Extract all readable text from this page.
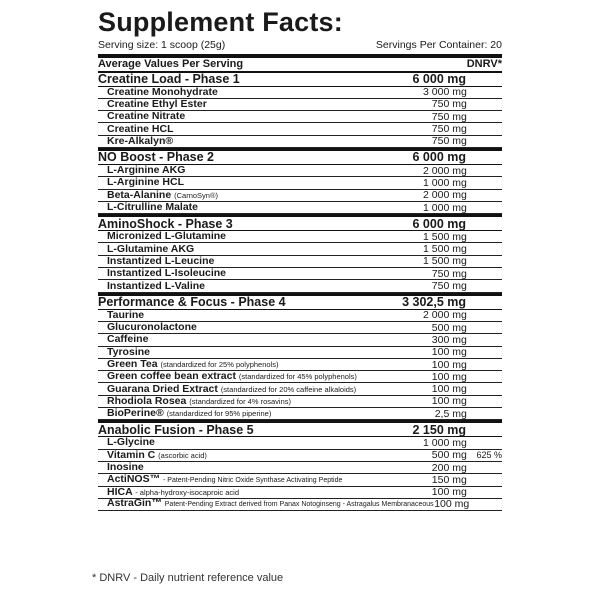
Supplement Facts:
Serving size: 1 scoop (25g)	Servings Per Container: 20
Average Values Per Serving	DNRV*
Creatine Load - Phase 1	6 000 mg
Creatine Monohydrate	3 000 mg
Creatine Ethyl Ester	750 mg
Creatine Nitrate	750 mg
Creatine HCL	750 mg
Kre-Alkalyn®	750 mg
NO Boost - Phase 2	6 000 mg
L-Arginine AKG	2 000 mg
L-Arginine HCL	1 000 mg
Beta-Alanine (CarnoSyn®)	2 000 mg
L-Citrulline Malate	1 000 mg
AminoShock - Phase 3	6 000 mg
Micronized L-Glutamine	1 500 mg
L-Glutamine AKG	1 500 mg
Instantized L-Leucine	1 500 mg
Instantized L-Isoleucine	750 mg
Instantized L-Valine	750 mg
Performance & Focus - Phase 4	3 302,5 mg
Taurine	2 000 mg
Glucuronolactone	500 mg
Caffeine	300 mg
Tyrosine	100 mg
Green Tea (standardized for 25% polyphenols)	100 mg
Green coffee bean extract (standardized for 45% polyphenols)	100 mg
Guarana Dried Extract (standardized for 20% caffeine alkaloids)	100 mg
Rhodiola Rosea (standardized for 4% rosavins)	100 mg
BioPerine® (standardized for 95% piperine)	2,5 mg
Anabolic Fusion - Phase 5	2 150 mg
L-Glycine	1 000 mg
Vitamin C (ascorbic acid)	500 mg	625 %
Inosine	200 mg
ActiNOS™ - Patent-Pending Nitric Oxide Synthase Activating Peptide	150 mg
HICA - alpha-hydroxy-isocaproic acid	100 mg
AstraGin™ Patent-Pending Extract derived from Panax Notoginseng - Astragalus Membranaceous 100 mg
* DNRV - Daily nutrient reference value
